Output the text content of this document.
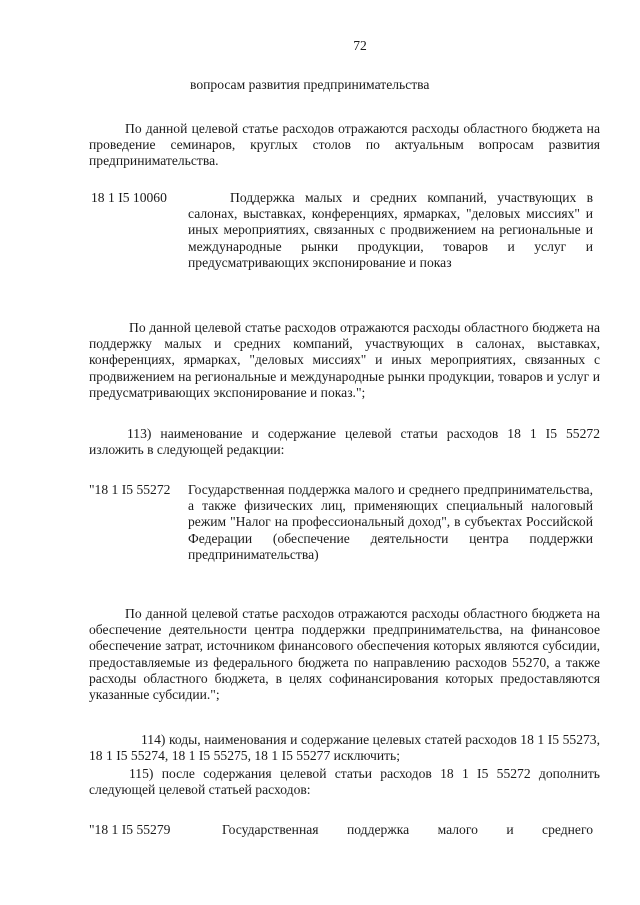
72
вопросам развития предпринимательства

По данной целевой статье расходов отражаются расходы областного бюджета на проведение семинаров, круглых столов по актуальным вопросам развития предпринимательства.

18 1 I5 10060	Поддержка малых и средних компаний, участвующих в салонах, выставках, конференциях, ярмарках, "деловых миссиях" и иных мероприятиях, связанных с продвижением на региональные и международные рынки продукции, товаров и услуг и предусматривающих экспонирование и показ

По данной целевой статье расходов отражаются расходы областного бюджета на поддержку малых и средних компаний, участвующих в салонах, выставках, конференциях, ярмарках, "деловых миссиях" и иных мероприятиях, связанных с продвижением на региональные и международные рынки продукции, товаров и услуг и предусматривающих экспонирование и показ.";

113) наименование и содержание целевой статьи расходов 18 1 I5 55272 изложить в следующей редакции:

"18 1 I5 55272	Государственная поддержка малого и среднего предпринимательства, а также физических лиц, применяющих специальный налоговый режим "Налог на профессиональный доход", в субъектах Российской Федерации (обеспечение деятельности центра поддержки предпринимательства)

По данной целевой статье расходов отражаются расходы областного бюджета на обеспечение деятельности центра поддержки предпринимательства, на финансовое обеспечение затрат, источником финансового обеспечения которых являются субсидии, предоставляемые из федерального бюджета по направлению расходов 55270, а также расходы областного бюджета, в целях софинансирования которых предоставляются указанные субсидии.";

114) коды, наименования и содержание целевых статей расходов 18 1 I5 55273, 18 1 I5 55274, 18 1 I5 55275, 18 1 I5 55277 исключить;

115) после содержания целевой статьи расходов 18 1 I5 55272 дополнить следующей целевой статьей расходов:

"18 1 I5 55279	Государственная поддержка малого и среднего
